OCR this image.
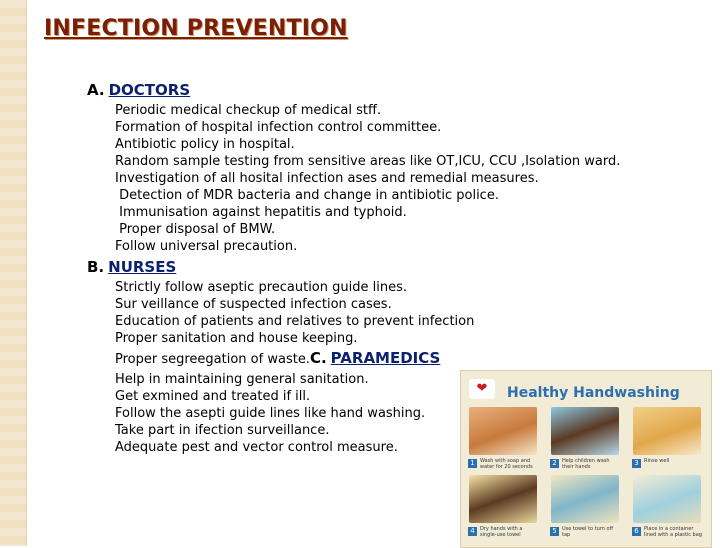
INFECTION PREVENTION

A. DOCTORS

Periodic medical checkup of medical stff.
Formation of hospital infection control committee.
Antibiotic policy in hospital.
Random sample testing from sensitive areas like OT,ICU, CCU ,Isolation ward.
Investigation of all hosital infection ases and remedial measures.
Detection of MDR bacteria and change in antibiotic police.
Immunisation against hepatitis and typhoid.
Proper disposal of BMW.
Follow universal precaution.

B. NURSES

Strictly follow aseptic precaution guide lines.
Sur veillance of suspected infection cases.
Education of patients and relatives to prevent infection
Proper sanitation and house keeping.
Proper segreegation of waste.C. PARAMEDICS
Help in maintaining general sanitation.
Get exmined and treated if ill.
Follow the asepti guide lines like hand washing.
Take part in ifection surveillance.
Adequate pest and vector control measure.
❤	Healthy Handwashing
1	Wash with soap and water for 20 seconds	2	Help children wash their hands	3	Rinse well
4	Dry hands with a single-use towel	5	Use towel to turn off tap	6	Place in a container lined with a plastic bag
